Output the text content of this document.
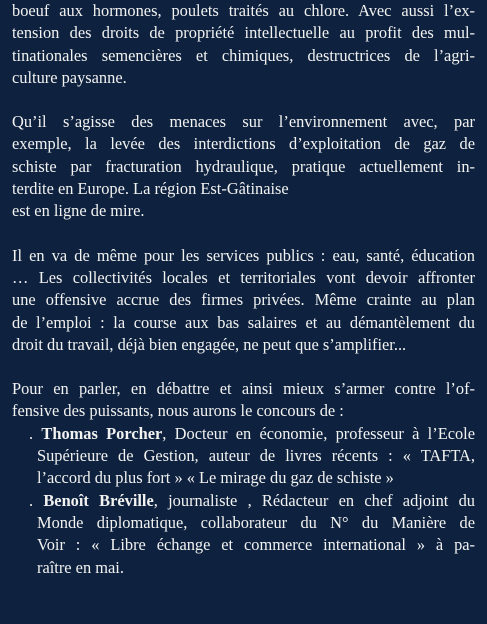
boeuf aux hormones, poulets traités au chlore. Avec aussi l’ex-
tension des droits de propriété intellectuelle au profit des mul-
tinationales semencières et chimiques, destructrices de l’agri-
culture paysanne.

Qu’il s’agisse des menaces sur l’environnement avec, par
exemple, la levée des interdictions d’exploitation de gaz de
schiste par fracturation hydraulique, pratique actuellement in-
terdite en Europe. La région Est-Gâtinaise
est en ligne de mire.

Il en va de même pour les services publics : eau, santé, éducation
… Les collectivités locales et territoriales vont devoir affronter
une offensive accrue des firmes privées. Même crainte au plan
de l’emploi : la course aux bas salaires et au démantèlement du
droit du travail, déjà bien engagée, ne peut que s’amplifier...

Pour en parler, en débattre et ainsi mieux s’armer contre l’of-
fensive des puissants, nous aurons le concours de :

. Thomas Porcher, Docteur en économie, professeur à l’Ecole
Supérieure de Gestion, auteur de livres récents : « TAFTA,
l’accord du plus fort » « Le mirage du gaz de schiste »
. Benoît Bréville, journaliste , Rédacteur en chef adjoint du
Monde diplomatique, collaborateur du N° du Manière de
Voir : « Libre échange et commerce international » à pa-
raître en mai.
